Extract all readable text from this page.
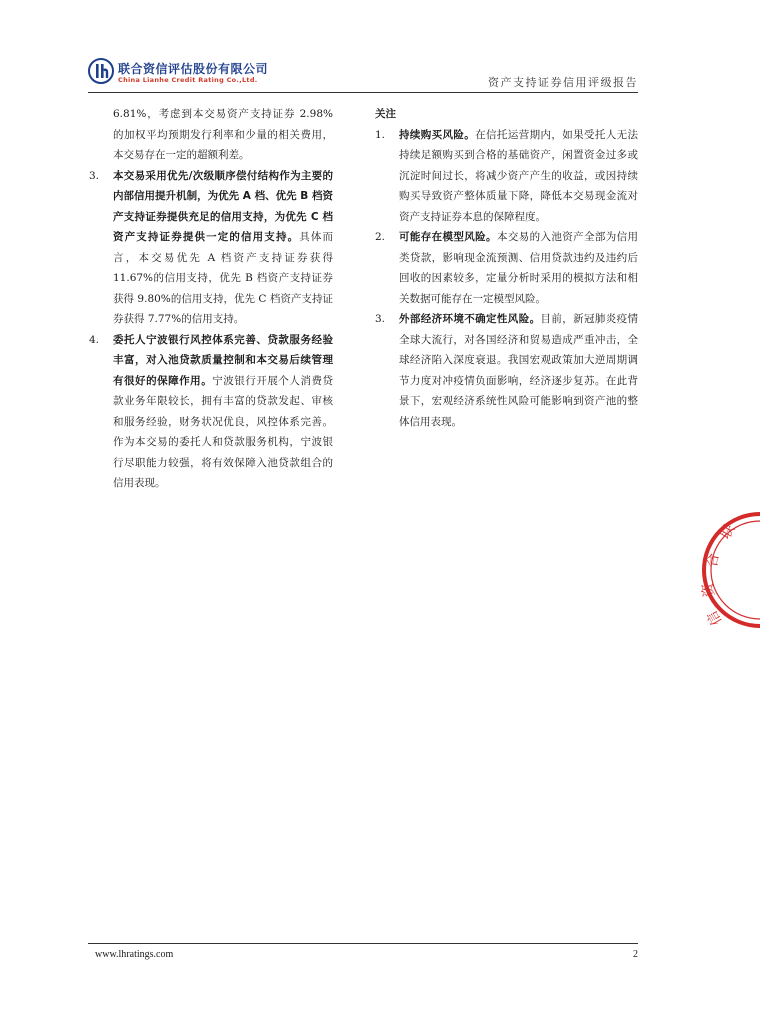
联合资信评估股份有限公司
China Lianhe Credit Rating Co.,Ltd.	资产支持证券信用评级报告

6.81%，考虑到本交易资产支持证券 2.98% 的加权平均预期发行利率和少量的相关费用，本交易存在一定的超额利差。

3. 本交易采用优先/次级顺序偿付结构作为主要的内部信用提升机制，为优先 A 档、优先 B 档资产支持证券提供充足的信用支持，为优先 C 档资产支持证券提供一定的信用支持。具体而言，本交易优先 A 档资产支持证券获得 11.67%的信用支持，优先 B 档资产支持证券获得 9.80%的信用支持，优先 C 档资产支持证券获得 7.77%的信用支持。

4. 委托人宁波银行风控体系完善、贷款服务经验丰富，对入池贷款质量控制和本交易后续管理有很好的保障作用。宁波银行开展个人消费贷款业务年限较长，拥有丰富的贷款发起、审核和服务经验，财务状况优良，风控体系完善。作为本交易的委托人和贷款服务机构，宁波银行尽职能力较强，将有效保障入池贷款组合的信用表现。

关注

1. 持续购买风险。在信托运营期内，如果受托人无法持续足额购买到合格的基础资产，闲置资金过多或沉淀时间过长，将减少资产产生的收益，或因持续购买导致资产整体质量下降，降低本交易现金流对资产支持证券本息的保障程度。

2. 可能存在模型风险。本交易的入池资产全部为信用类贷款，影响现金流预测、信用贷款违约及违约后回收的因素较多，定量分析时采用的模拟方法和相关数据可能存在一定模型风险。

3. 外部经济环境不确定性风险。目前，新冠肺炎疫情全球大流行，对各国经济和贸易造成严重冲击，全球经济陷入深度衰退。我国宏观政策加大逆周期调节力度对冲疫情负面影响，经济逐步复苏。在此背景下，宏观经济系统性风险可能影响到资产池的整体信用表现。

联
合
资
信
www.lhratings.com	2
